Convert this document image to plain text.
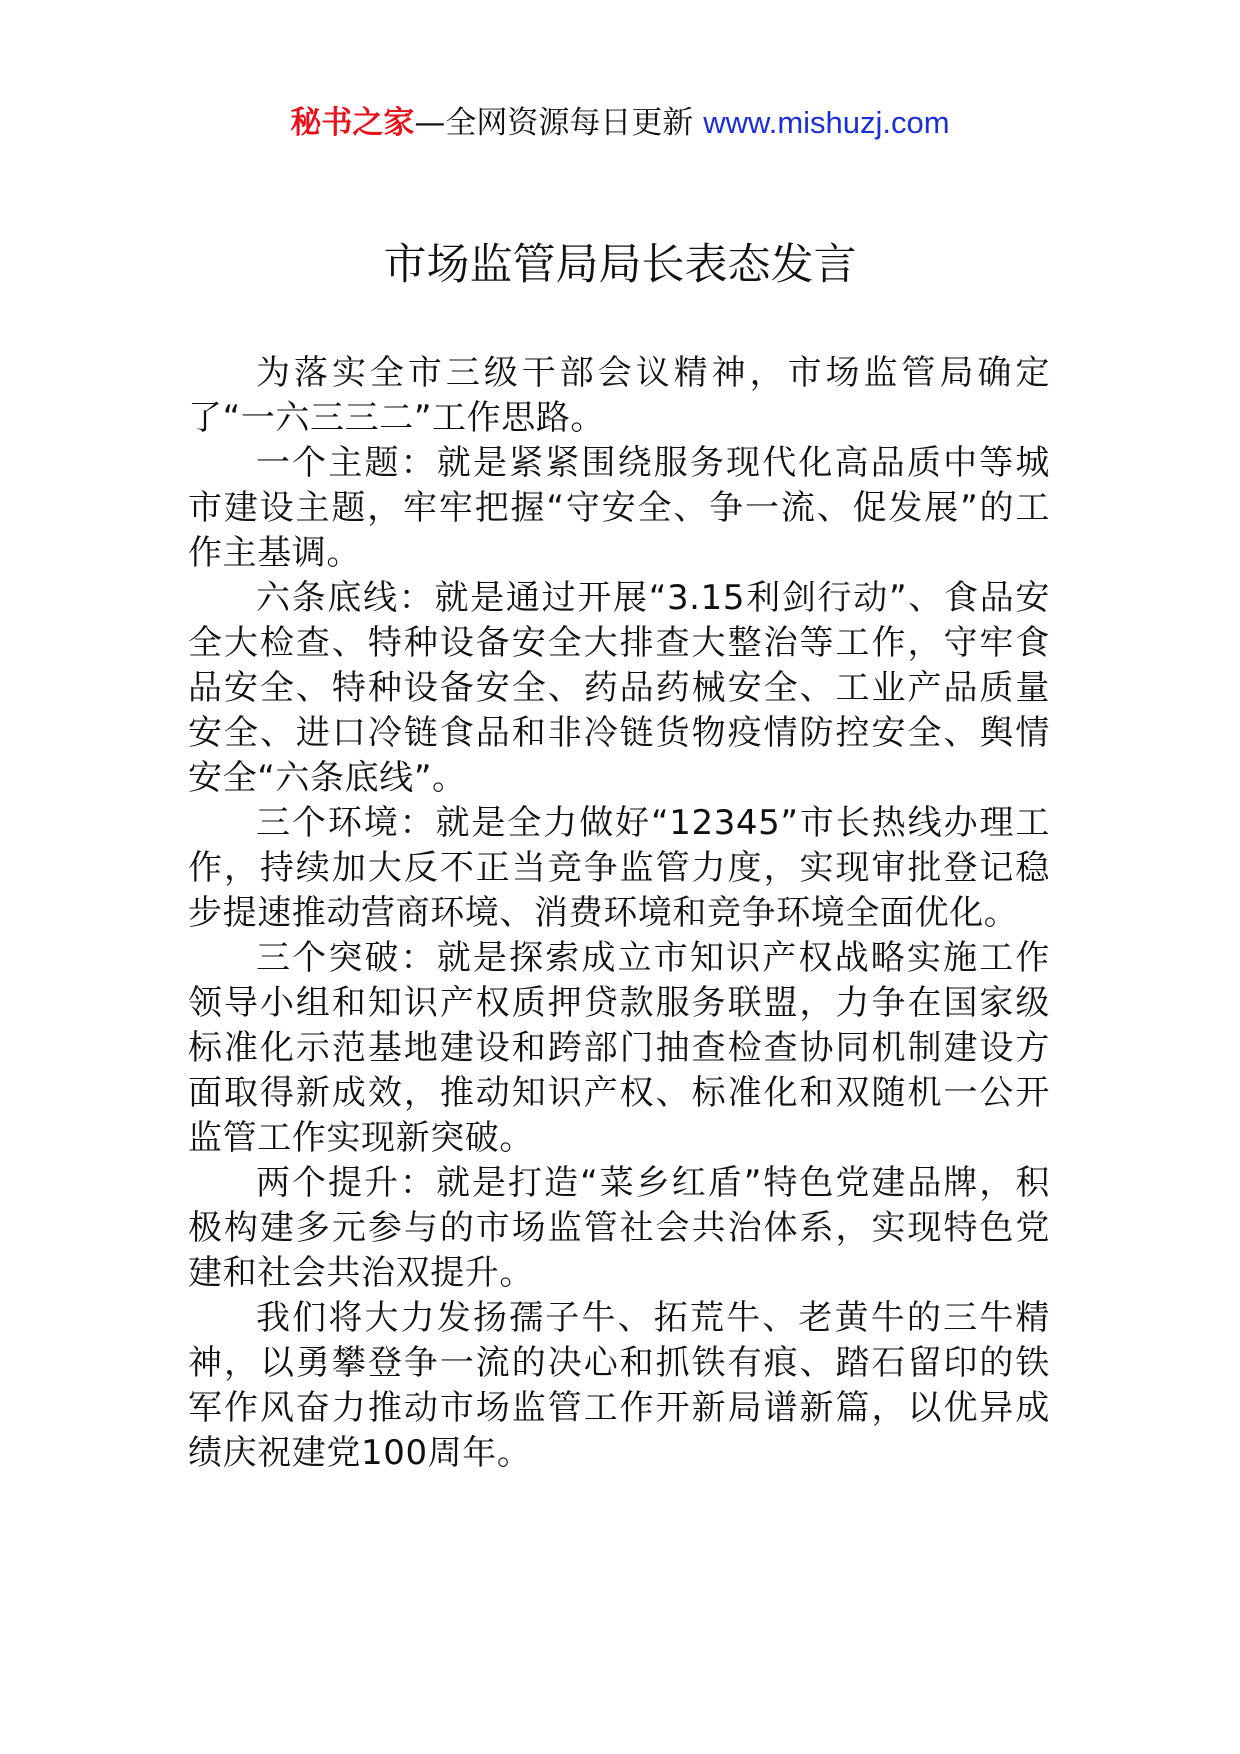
秘书之家—全网资源每日更新 www.mishuzj.com
市场监管局局长表态发言

为落实全市三级干部会议精神，市场监管局确定了“一六三三二”工作思路。

一个主题：就是紧紧围绕服务现代化高品质中等城市建设主题，牢牢把握“守安全、争一流、促发展”的工作主基调。

六条底线：就是通过开展“3.15利剑行动”、食品安全大检查、特种设备安全大排查大整治等工作，守牢食品安全、特种设备安全、药品药械安全、工业产品质量安全、进口冷链食品和非冷链货物疫情防控安全、舆情安全“六条底线”。

三个环境：就是全力做好“12345”市长热线办理工作，持续加大反不正当竞争监管力度，实现审批登记稳步提速推动营商环境、消费环境和竞争环境全面优化。

三个突破：就是探索成立市知识产权战略实施工作领导小组和知识产权质押贷款服务联盟，力争在国家级标准化示范基地建设和跨部门抽查检查协同机制建设方面取得新成效，推动知识产权、标准化和双随机一公开监管工作实现新突破。

两个提升：就是打造“菜乡红盾”特色党建品牌，积极构建多元参与的市场监管社会共治体系，实现特色党建和社会共治双提升。

我们将大力发扬孺子牛、拓荒牛、老黄牛的三牛精神，以勇攀登争一流的决心和抓铁有痕、踏石留印的铁军作风奋力推动市场监管工作开新局谱新篇，以优异成绩庆祝建党100周年。
